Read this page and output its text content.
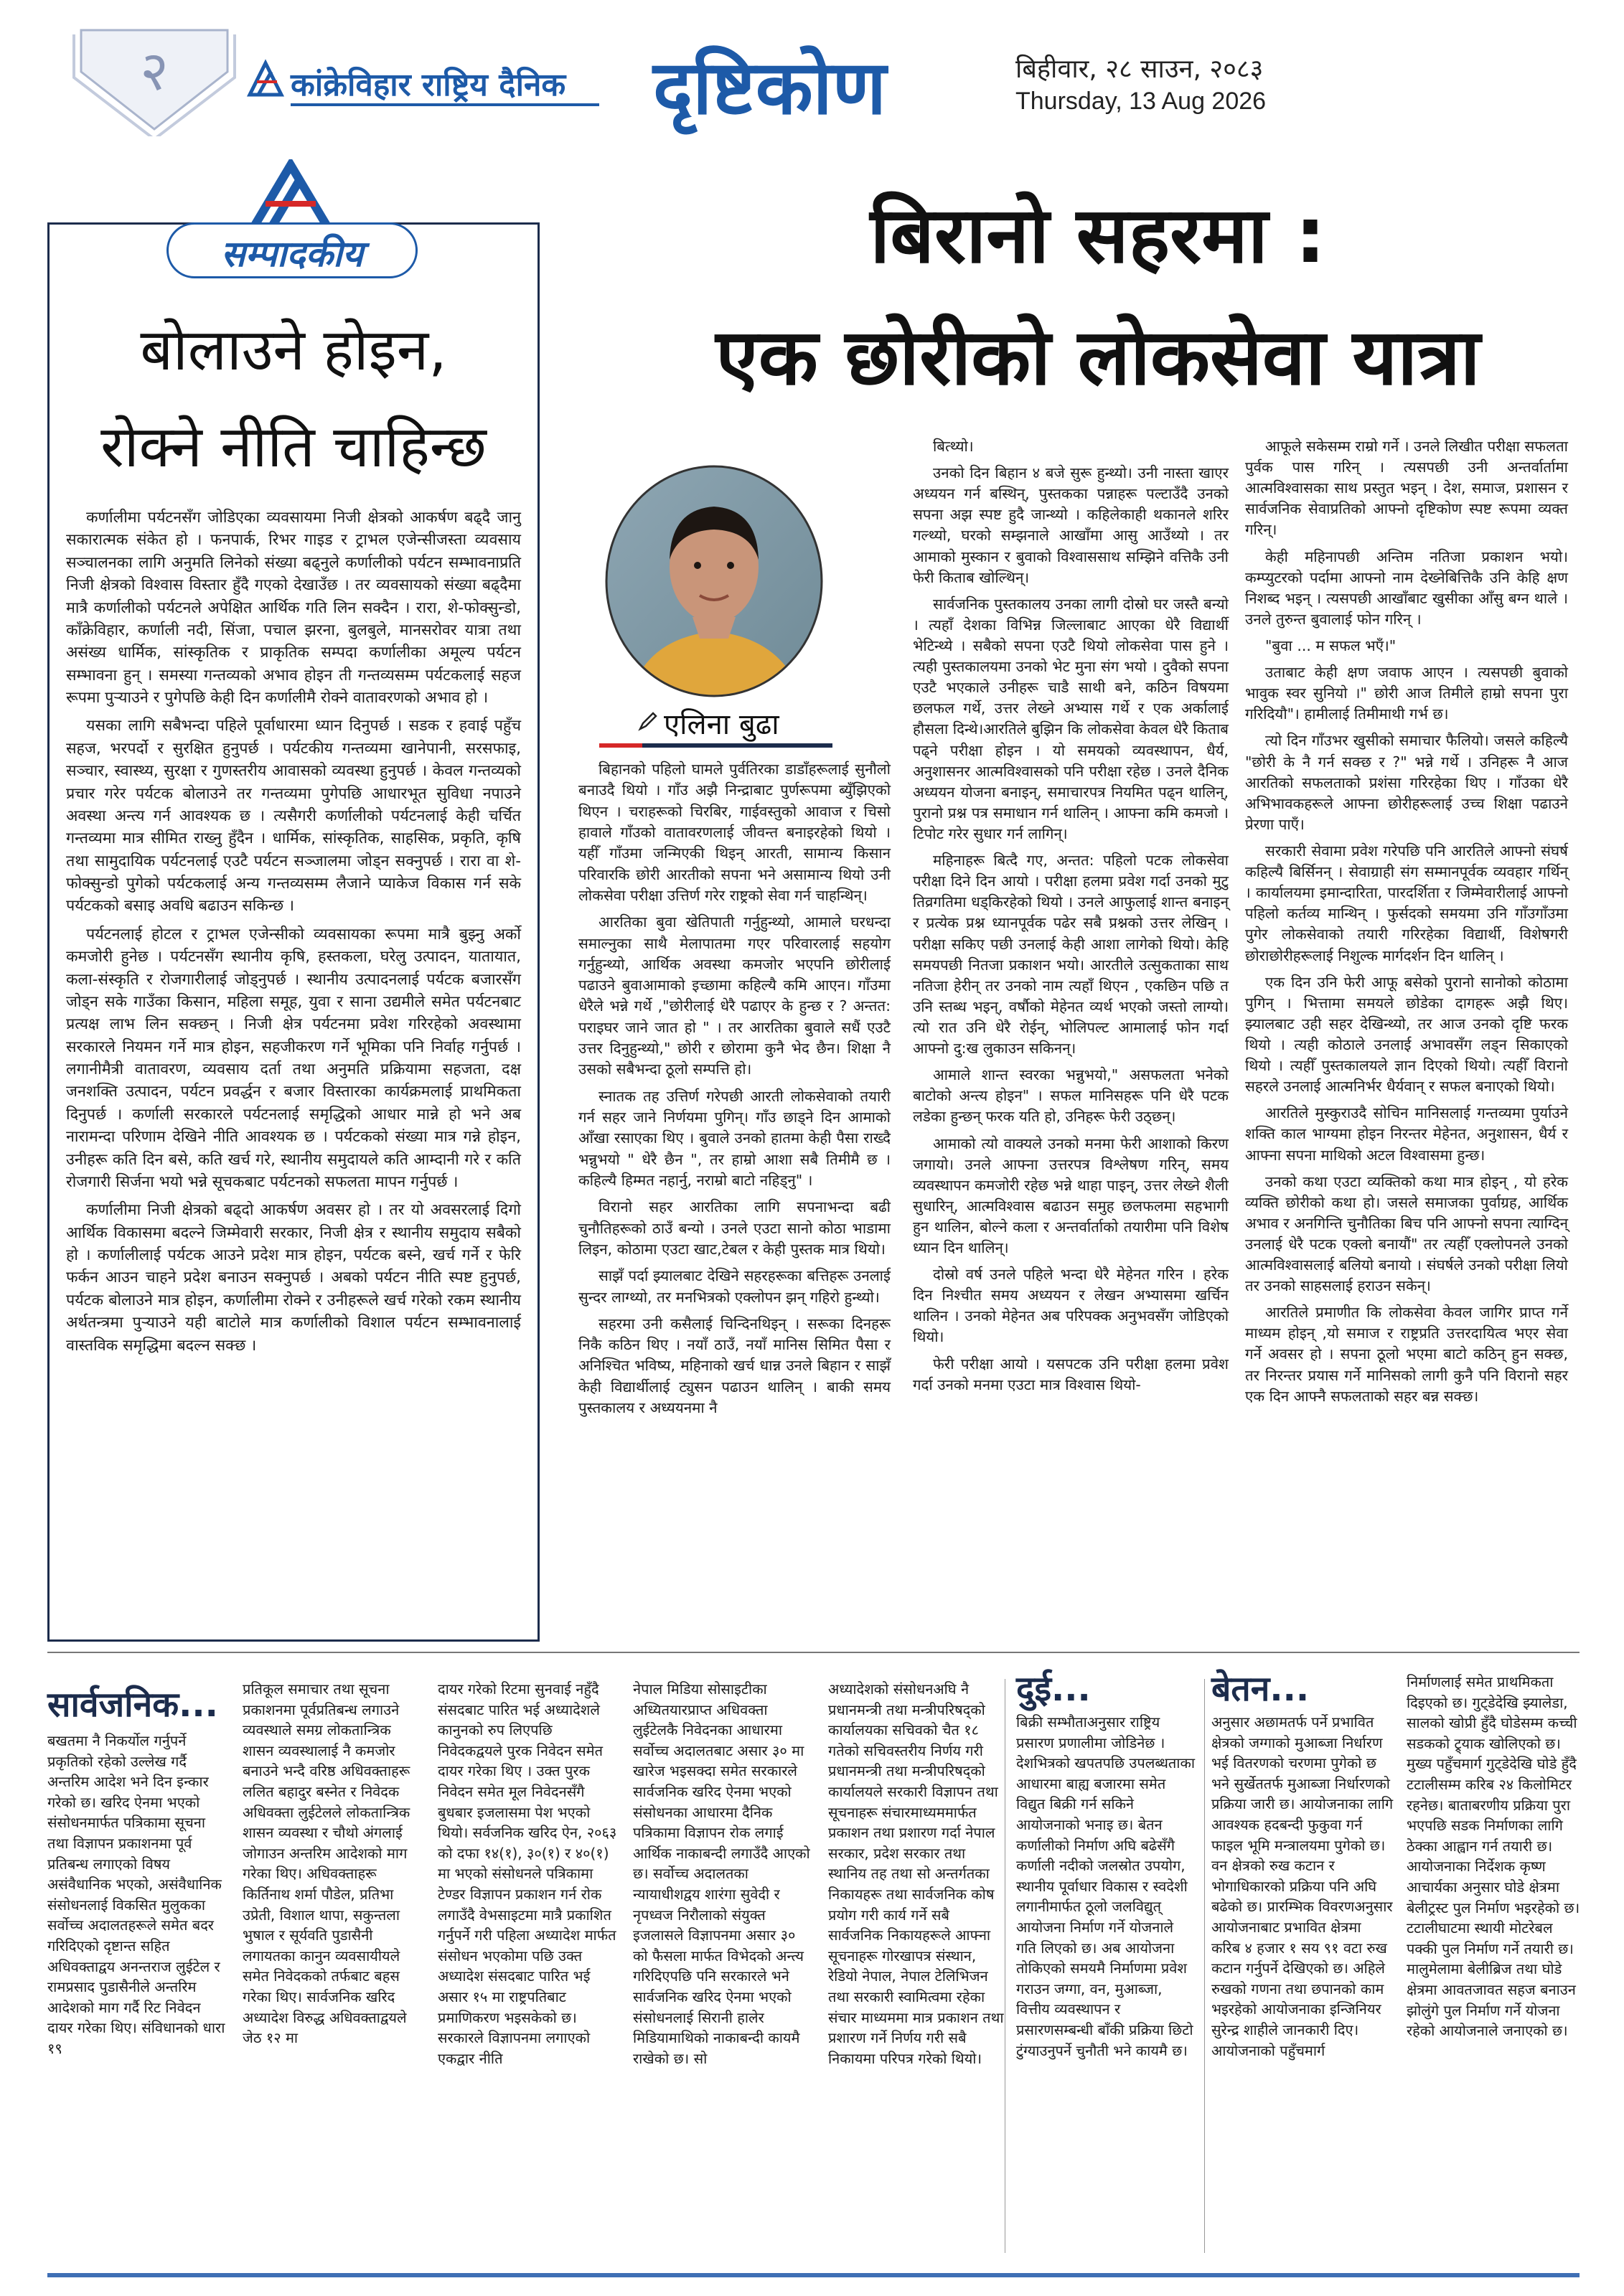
२	कांक्रेविहार राष्ट्रिय दैनिक दृष्टिकोण	बिहीवार, २८ साउन, २०८३
Thursday, 13 Aug 2026
सम्पादकीय
बोलाउने होइन,
रोक्ने नीति चाहिन्छ

कर्णालीमा पर्यटनसँग जोडिएका व्यवसायमा निजी क्षेत्रको आकर्षण बढ्दै जानु सकारात्मक संकेत हो । फनपार्क, रिभर गाइड र ट्राभल एजेन्सीजस्ता व्यवसाय सञ्चालनका लागि अनुमति लिनेको संख्या बढ्नुले कर्णालीको पर्यटन सम्भावनाप्रति निजी क्षेत्रको विश्वास विस्तार हुँदै गएको देखाउँछ । तर व्यवसायको संख्या बढ्दैमा मात्रै कर्णालीको पर्यटनले अपेक्षित आर्थिक गति लिन सक्दैन । रारा, शे-फोक्सुन्डो, काँक्रेविहार, कर्णाली नदी, सिंजा, पचाल झरना, बुलबुले, मानसरोवर यात्रा तथा असंख्य धार्मिक, सांस्कृतिक र प्राकृतिक सम्पदा कर्णालीका अमूल्य पर्यटन सम्भावना हुन् । समस्या गन्तव्यको अभाव होइन ती गन्तव्यसम्म पर्यटकलाई सहज रूपमा पुऱ्याउने र पुगेपछि केही दिन कर्णालीमै रोक्ने वातावरणको अभाव हो ।

यसका लागि सबैभन्दा पहिले पूर्वाधारमा ध्यान दिनुपर्छ । सडक र हवाई पहुँच सहज, भरपर्दो र सुरक्षित हुनुपर्छ । पर्यटकीय गन्तव्यमा खानेपानी, सरसफाइ, सञ्चार, स्वास्थ्य, सुरक्षा र गुणस्तरीय आवासको व्यवस्था हुनुपर्छ । केवल गन्तव्यको प्रचार गरेर पर्यटक बोलाउने तर गन्तव्यमा पुगेपछि आधारभूत सुविधा नपाउने अवस्था अन्त्य गर्न आवश्यक छ । त्यसैगरी कर्णालीको पर्यटनलाई केही चर्चित गन्तव्यमा मात्र सीमित राख्नु हुँदैन । धार्मिक, सांस्कृतिक, साहसिक, प्रकृति, कृषि तथा सामुदायिक पर्यटनलाई एउटै पर्यटन सञ्जालमा जोड्न सक्नुपर्छ । रारा वा शे-फोक्सुन्डो पुगेको पर्यटकलाई अन्य गन्तव्यसम्म लैजाने प्याकेज विकास गर्न सके पर्यटकको बसाइ अवधि बढाउन सकिन्छ ।

पर्यटनलाई होटल र ट्राभल एजेन्सीको व्यवसायका रूपमा मात्रै बुझ्नु अर्को कमजोरी हुनेछ । पर्यटनसँग स्थानीय कृषि, हस्तकला, घरेलु उत्पादन, यातायात, कला-संस्कृति र रोजगारीलाई जोड्नुपर्छ । स्थानीय उत्पादनलाई पर्यटक बजारसँग जोड्न सके गाउँका किसान, महिला समूह, युवा र साना उद्यमीले समेत पर्यटनबाट प्रत्यक्ष लाभ लिन सक्छन् । निजी क्षेत्र पर्यटनमा प्रवेश गरिरहेको अवस्थामा सरकारले नियमन गर्ने मात्र होइन, सहजीकरण गर्ने भूमिका पनि निर्वाह गर्नुपर्छ । लगानीमैत्री वातावरण, व्यवसाय दर्ता तथा अनुमति प्रक्रियामा सहजता, दक्ष जनशक्ति उत्पादन, पर्यटन प्रवर्द्धन र बजार विस्तारका कार्यक्रमलाई प्राथमिकता दिनुपर्छ । कर्णाली सरकारले पर्यटनलाई समृद्धिको आधार मान्ने हो भने अब नारामन्दा परिणाम देखिने नीति आवश्यक छ । पर्यटकको संख्या मात्र गन्ने होइन, उनीहरू कति दिन बसे, कति खर्च गरे, स्थानीय समुदायले कति आम्दानी गरे र कति रोजगारी सिर्जना भयो भन्ने सूचकबाट पर्यटनको सफलता मापन गर्नुपर्छ ।

कर्णालीमा निजी क्षेत्रको बढ्दो आकर्षण अवसर हो । तर यो अवसरलाई दिगो आर्थिक विकासमा बदल्ने जिम्मेवारी सरकार, निजी क्षेत्र र स्थानीय समुदाय सबैको हो । कर्णालीलाई पर्यटक आउने प्रदेश मात्र होइन, पर्यटक बस्ने, खर्च गर्ने र फेरि फर्कन आउन चाहने प्रदेश बनाउन सक्नुपर्छ । अबको पर्यटन नीति स्पष्ट हुनुपर्छ, पर्यटक बोलाउने मात्र होइन, कर्णालीमा रोक्ने र उनीहरूले खर्च गरेको रकम स्थानीय अर्थतन्त्रमा पुऱ्याउने यही बाटोले मात्र कर्णालीको विशाल पर्यटन सम्भावनालाई वास्तविक समृद्धिमा बदल्न सक्छ ।

बिरानो सहरमा :
एक छोरीको लोकसेवा यात्रा
एलिना बुढा

बिहानको पहिलो घामले पुर्वतिरका डाडाँहरूलाई सुनौलो बनाउदै थियो । गाँउ अझै निन्द्राबाट पुर्णरूपमा ब्युँझिएको थिएन । चराहरूको चिरबिर, गाईवस्तुको आवाज र चिसो हावाले गाँउको वातावरणलाई जीवन्त बनाइरहेको थियो । यहीँ गाँउमा जन्मिएकी थिइन् आरती, सामान्य किसान परिवारकि छोरी आरतीको सपना भने असामान्य थियो उनी लोकसेवा परीक्षा उत्तिर्ण गरेर राष्ट्रको सेवा गर्न चाहन्थिन्।

आरतिका बुवा खेतिपाती गर्नुहुन्थ्यो, आमाले घरधन्दा समाल्नुका साथै मेलापातमा गएर परिवारलाई सहयोग गर्नुहुन्थ्यो, आर्थिक अवस्था कमजोर भएपनि छोरीलाई पढाउने बुवाआमाको इच्छामा कहिल्यै कमि आएन। गाँउमा धेरैले भन्ने गर्थे ,"छोरीलाई धेरै पढाएर के हुन्छ र ? अन्तत: पराइघर जाने जात हो " । तर आरतिका बुवाले सधैं एउटै उत्तर दिनुहुन्थ्यो," छोरी र छोरामा कुनै भेद छैन। शिक्षा नै उसको सबैभन्दा ठूलो सम्पत्ति हो।

स्नातक तह उत्तिर्ण गरेपछी आरती लोकसेवाको तयारी गर्न सहर जाने निर्णयमा पुगिन्। गाँउ छाड्ने दिन आमाको आँखा रसाएका थिए । बुवाले उनको हातमा केही पैसा राख्दै भन्नुभयो " धेरै छैन ", तर हाम्रो आशा सबै तिमीमै छ । कहिल्यै हिम्मत नहार्नु, नराम्रो बाटो नहिड्नु" ।

विरानो सहर आरतिका लागि सपनाभन्दा बढी चुनौतिहरूको ठाउँ बन्यो । उनले एउटा सानो कोठा भाडामा लिइन, कोठामा एउटा खाट,टेबल र केही पुस्तक मात्र थियो।

साझँ पर्दा झ्यालबाट देखिने सहरहरूका बत्तिहरू उनलाई सुन्दर लाग्थ्यो, तर मनभित्रको एक्लोपन झन् गहिरो हुन्थ्यो।

सहरमा उनी कसैलाई चिन्दिनथिइन् । सरूका दिनहरू निकै कठिन थिए । नयाँ ठाउँ, नयाँ मानिस सिमित पैसा र अनिश्चित भविष्य, महिनाको खर्च धान्न उनले बिहान र साझँ केही विद्यार्थीलाई ट्युसन पढाउन थालिन् । बाकी समय पुस्तकालय र अध्ययनमा नै

बित्थ्यो।

उनको दिन बिहान ४ बजे सुरू हुन्थ्यो। उनी नास्ता खाएर अध्ययन गर्न बस्थिन्, पुस्तकका पन्नाहरू पल्टाउँदै उनको सपना अझ स्पष्ट हुदै जान्थ्यो । कहिलेकाही थकानले शरिर गल्थ्यो, घरको सम्झनाले आखाँमा आसु आउँथ्यो । तर आमाको मुस्कान र बुवाको विश्वाससाथ सम्झिने वत्तिकै उनी फेरी किताब खोल्थिन्।

सार्वजनिक पुस्तकालय उनका लागी दोस्रो घर जस्तै बन्यो । त्यहाँ देशका विभिन्न जिल्लाबाट आएका धेरै विद्यार्थी भेटिन्थ्ये । सबैको सपना एउटै थियो लोकसेवा पास हुने । त्यही पुस्तकालयमा उनको भेट मुना संग भयो । दुवैको सपना एउटै भएकाले उनीहरू चाडै साथी बने, कठिन विषयमा छलफल गर्थे, उत्तर लेख्ने अभ्यास गर्थे र एक अर्कालाई हौसला दिन्थे।आरतिले बुझिन कि लोकसेवा केवल धेरै किताब पढ्ने परीक्षा होइन । यो समयको व्यवस्थापन, धैर्य, अनुशासनर आत्मविश्वासको पनि परीक्षा रहेछ । उनले दैनिक अध्ययन योजना बनाइन्, समाचारपत्र नियमित पढ्न थालिन्, पुरानो प्रश्न पत्र समाधान गर्न थालिन् । आफ्ना कमि कमजो । टिपोट गरेर सुधार गर्न लागिन्।

महिनाहरू बित्दै गए, अन्तत: पहिलो पटक लोकसेवा परीक्षा दिने दिन आयो । परीक्षा हलमा प्रवेश गर्दा उनको मुटु तिव्रगतिमा धड्किरहेको थियो । उनले आफुलाई शान्त बनाइन् र प्रत्येक प्रश्न ध्यानपूर्वक पढेर सबै प्रश्नको उत्तर लेखिन् । परीक्षा सकिए पछी उनलाई केही आशा लागेको थियो। केहि समयपछी नितजा प्रकाशन भयो। आरतीले उत्सुकताका साथ नतिजा हेरीन् तर उनको नाम त्यहाँ थिएन , एकछिन पछि त उनि स्तब्ध भइन्, वर्षौको मेहेनत व्यर्थ भएको जस्तो लाग्यो। त्यो रात उनि धेरै रोईन्, भोलिपल्ट आमालाई फोन गर्दा आफ्नो दु:ख लुकाउन सकिनन्।

आमाले शान्त स्वरका भन्नुभयो," असफलता भनेको बाटोको अन्त्य होइन" । सफल मानिसहरू पनि धेरै पटक लडेका हुन्छन् फरक यति हो, उनिहरू फेरी उठ्छन्।

आमाको त्यो वाक्यले उनको मनमा फेरी आशाको किरण जगायो। उनले आफ्ना उत्तरपत्र विश्लेषण गरिन्, समय व्यवस्थापन कमजोरी रहेछ भन्ने थाहा पाइन्, उत्तर लेख्ने शैली सुधारिन्, आत्मविश्वास बढाउन समुह छलफलमा सहभागी हुन थालिन, बोल्ने कला र अन्तर्वार्ताको तयारीमा पनि विशेष ध्यान दिन थालिन्।

दोस्रो वर्ष उनले पहिले भन्दा धेरै मेहेनत गरिन । हरेक दिन निश्चीत समय अध्ययन र लेखन अभ्यासमा खर्चिन थालिन । उनको मेहेनत अब परिपक्क अनुभवसँग जोडिएको थियो।

फेरी परीक्षा आयो । यसपटक उनि परीक्षा हलमा प्रवेश गर्दा उनको मनमा एउटा मात्र विश्वास थियो-

आफूले सकेसम्म राम्रो गर्ने । उनले लिखीत परीक्षा सफलता पुर्वक पास गरिन् । त्यसपछी उनी अन्तर्वार्तामा आत्मविश्वासका साथ प्रस्तुत भइन् । देश, समाज, प्रशासन र सार्वजनिक सेवाप्रतिको आफ्नो दृष्टिकोण स्पष्ट रूपमा व्यक्त गरिन्।

केही महिनापछी अन्तिम नतिजा प्रकाशन भयो। कम्प्युटरको पर्दामा आफ्नो नाम देख्नेबित्तिकै उनि केहि क्षण निशब्द भइन् । त्यसपछी आखाँबाट खुसीका आँसु बग्न थाले । उनले तुरुन्त बुवालाई फोन गरिन् ।

"बुवा ... म सफल भएँ।"

उताबाट केही क्षण जवाफ आएन । त्यसपछी बुवाको भावुक स्वर सुनियो ।" छोरी आज तिमीले हाम्रो सपना पुरा गरिदियौ"। हामीलाई तिमीमाथी गर्भ छ।

त्यो दिन गाँउभर खुसीको समाचार फैलियो। जसले कहिल्यै "छोरी के नै गर्न सक्छ र ?" भन्ने गर्थे । उनिहरू नै आज आरतिको सफलताको प्रशंसा गरिरहेका थिए । गाँउका धेरै अभिभावकहरूले आफ्ना छोरीहरूलाई उच्च शिक्षा पढाउने प्रेरणा पाएँ।

सरकारी सेवामा प्रवेश गरेपछि पनि आरतिले आफ्नो संघर्ष कहिल्यै बिर्सिनन् । सेवाग्राही संग सम्मानपूर्वक व्यवहार गर्थिन् । कार्यालयमा इमान्दारिता, पारदर्शिता र जिम्मेवारीलाई आफ्नो पहिलो कर्तव्य मान्थिन् । फुर्सदको समयमा उनि गाँउगाँउमा पुगेर लोकसेवाको तयारी गरिरहेका विद्यार्थी, विशेषगरी छोराछोरीहरूलाई निशुल्क मार्गदर्शन दिन थालिन् ।

एक दिन उनि फेरी आफू बसेको पुरानो सानोको कोठामा पुगिन् । भित्तामा समयले छोडेका दागहरू अझै थिए। झ्यालबाट उही सहर देखिन्थ्यो, तर आज उनको दृष्टि फरक थियो । त्यही कोठाले उनलाई अभावसँग लड्न सिकाएको थियो । त्यहीँ पुस्तकालयले ज्ञान दिएको थियो। त्यहीँ विरानो सहरले उनलाई आत्मनिर्भर धैर्यवान् र सफल बनाएको थियो।

आरतिले मुस्कुराउदै सोचिन मानिसलाई गन्तव्यमा पुर्याउने शक्ति काल भाग्यमा होइन निरन्तर मेहेनत, अनुशासन, धैर्य र आफ्ना सपना माथिको अटल विश्वासमा हुन्छ।

उनको कथा एउटा व्यक्तिको कथा मात्र होइन् , यो हरेक व्यक्ति छोरीको कथा हो। जसले समाजका पुर्वाग्रह, आर्थिक अभाव र अनगिन्ति चुनौतिका बिच पनि आफ्नो सपना त्याग्दिन् उनलाई धेरै पटक एक्लो बनायौं" तर त्यहीँ एक्लोपनले उनको आत्मविश्वासलाई बलियो बनायो । संघर्षले उनको परीक्षा लियो तर उनको साहसलाई हराउन सकेन्।

आरतिले प्रमाणीत कि लोकसेवा केवल जागिर प्राप्त गर्ने माध्यम होइन् ,यो समाज र राष्ट्रप्रति उत्तरदायित्व भएर सेवा गर्ने अवसर हो । सपना ठूलो भएमा बाटो कठिन् हुन सक्छ, तर निरन्तर प्रयास गर्ने मानिसको लागी कुनै पनि विरानो सहर एक दिन आफ्नै सफलताको सहर बन्न सक्छ।

सार्वजनिक...
बखतमा नै निकर्योल गर्नुपर्ने प्रकृतिको रहेको उल्लेख गर्दै अन्तरिम आदेश भने दिन इन्कार गरेको छ। खरिद ऐनमा भएको संसोधनमार्फत पत्रिकामा सूचना तथा विज्ञापन प्रकाशनमा पूर्व प्रतिबन्ध लगाएको विषय असंवैधानिक भएको, असंवैधानिक संसोधनलाई विकसित मुलुकका सर्वोच्च अदालतहरूले समेत बदर गरिदिएको दृष्टान्त सहित अधिवक्ताद्वय अनन्तराज लुईटेल र रामप्रसाद पुडासैनीले अन्तरिम आदेशको माग गर्दै रिट निवेदन दायर गरेका थिए। संविधानको धारा १९
प्रतिकूल समाचार तथा सूचना प्रकाशनमा पूर्वप्रतिबन्ध लगाउने व्यवस्थाले समग्र लोकतान्त्रिक शासन व्यवस्थालाई नै कमजोर बनाउने भन्दै वरिष्ठ अधिवक्ताहरू ललित बहादुर बस्नेत र निवेदक अधिवक्ता लुईटेलले लोकतान्त्रिक शासन व्यवस्था र चौथो अंगलाई जोगाउन अन्तरिम आदेशको माग गरेका थिए। अधिवक्ताहरू किर्तिनाथ शर्मा पौडेल, प्रतिभा उप्रेती, विशाल थापा, सकुन्तला भुषाल र सूर्यवति पुडासैनी लगायतका कानुन व्यवसायीयले समेत निवेदकको तर्फबाट बहस गरेका थिए। सार्वजनिक खरिद अध्यादेश विरुद्ध अधिवक्ताद्वयले जेठ १२ मा
दायर गरेको रिटमा सुनवाई नहुँदै संसदबाट पारित भई अध्यादेशले कानुनको रुप लिएपछि निवेदकद्वयले पुरक निवेदन समेत दायर गरेका थिए । उक्त पुरक निवेदन समेत मूल निवेदनसँगै बुधबार इजलासमा पेश भएको थियो। सर्वजनिक खरिद ऐन, २०६३ को दफा १४(१), ३०(१) र ४०(१) मा भएको संसोधनले पत्रिकामा टेण्डर विज्ञापन प्रकाशन गर्न रोक लगाउँदै वेभसाइटमा मात्रै प्रकाशित गर्नुपर्ने गरी पहिला अध्यादेश मार्फत संसोधन भएकोमा पछि उक्त अध्यादेश संसदबाट पारित भई असार १५ मा राष्ट्रपतिबाट प्रमाणिकरण भइसकेको छ। सरकारले विज्ञापनमा लगाएको एकद्वार नीति
नेपाल मिडिया सोसाइटीका अध्यितयारप्राप्त अधिवक्ता लुईटेलकै निवेदनका आधारमा सर्वोच्च अदालतबाट असार ३० मा खारेज भइसक्दा समेत सरकारले सार्वजनिक खरिद ऐनमा भएको संसोधनका आधारमा दैनिक पत्रिकामा विज्ञापन रोक लगाई आर्थिक नाकाबन्दी लगाउँदै आएको छ। सर्वोच्च अदालतका न्यायाधीशद्वय शारंगा सुवेदी र नृपध्वज निरौलाको संयुक्त इजलासले विज्ञापनमा असार ३० को फैसला मार्फत विभेदको अन्त्य गरिदिएपछि पनि सरकारले भने सार्वजनिक खरिद ऐनमा भएको संसोधनलाई सिरानी हालेर मिडियामाथिको नाकाबन्दी कायमै राखेको छ। सो
अध्यादेशको संसोधनअघि नै प्रधानमन्त्री तथा मन्त्रीपरिषद्को कार्यालयका सचिवको चैत १८ गतेको सचिवस्तरीय निर्णय गरी प्रधानमन्त्री तथा मन्त्रीपरिषद्को कार्यालयले सरकारी विज्ञापन तथा सूचनाहरू संचारमाध्यममार्फत प्रकाशन तथा प्रशारण गर्दा नेपाल सरकार, प्रदेश सरकार तथा स्थानिय तह तथा सो अन्तर्गतका निकायहरू तथा सार्वजनिक कोष प्रयोग गरी कार्य गर्ने सबै सार्वजनिक निकायहरूले आफ्ना सूचनाहरू गोरखापत्र संस्थान, रेडियो नेपाल, नेपाल टेलिभिजन तथा सरकारी स्वामित्वमा रहेका संचार माध्यममा मात्र प्रकाशन तथा प्रशारण गर्ने निर्णय गरी सबै निकायमा परिपत्र गरेको थियो।
दुई...
बिक्री सम्भौताअनुसार राष्ट्रिय प्रसारण प्रणालीमा जोडिनेछ । देशभित्रको खपतपछि उपलब्धताका आधारमा बाह्य बजारमा समेत विद्युत बिक्री गर्न सकिने आयोजनाको भनाइ छ। बेतन कर्णालीको निर्माण अघि बढेसँगै कर्णाली नदीको जलस्रोत उपयोग, स्थानीय पूर्वाधार विकास र स्वदेशी लगानीमार्फत ठूलो जलविद्युत् आयोजना निर्माण गर्ने योजनाले गति लिएको छ। अब आयोजना तोकिएको समयमै निर्माणमा प्रवेश गराउन जग्गा, वन, मुआब्जा, वित्तीय व्यवस्थापन र प्रसारणसम्बन्धी बाँकी प्रक्रिया छिटो टुंग्याउनुपर्ने चुनौती भने कायमै छ।
बेतन...
अनुसार अछामतर्फ पर्ने प्रभावित क्षेत्रको जग्गाको मुआब्जा निर्धारण भई वितरणको चरणमा पुगेको छ भने सुर्खेततर्फ मुआब्जा निर्धारणको प्रक्रिया जारी छ। आयोजनाका लागि आवश्यक हदबन्दी फुकुवा गर्न फाइल भूमि मन्त्रालयमा पुगेको छ। वन क्षेत्रको रुख कटान र भोगाधिकारको प्रक्रिया पनि अघि बढेको छ। प्रारम्भिक विवरणअनुसार आयोजनाबाट प्रभावित क्षेत्रमा करिब ४ हजार १ सय ९१ वटा रुख कटान गर्नुपर्ने देखिएको छ। अहिले रुखको गणना तथा छपानको काम भइरहेको आयोजनाका इन्जिनियर सुरेन्द्र शाहीले जानकारी दिए। आयोजनाको पहुँचमार्ग
निर्माणलाई समेत प्राथमिकता दिइएको छ। गुट्डेदेखि झ्यालेडा, सालको खोप्री हुँदै घोडेसम्म कच्ची सडकको ट्र्याक खोलिएको छ। मुख्य पहुँचमार्ग गुट्डेदेखि घोडे हुँदै टटालीसम्म करिब २४ किलोमिटर रहनेछ। बाताबरणीय प्रक्रिया पुरा भएपछि सडक निर्माणका लागि ठेक्का आह्वान गर्न तयारी छ। आयोजनाका निर्देशक कृष्ण आचार्यका अनुसार घोडे क्षेत्रमा बेलीट्रस्ट पुल निर्माण भइरहेको छ। टटालीघाटमा स्थायी मोटरेबल पक्की पुल निर्माण गर्ने तयारी छ। मालुमेलामा बेलीब्रिज तथा घोडे क्षेत्रमा आवतजावत सहज बनाउन झोलुंगे पुल निर्माण गर्ने योजना रहेको आयोजनाले जनाएको छ।
